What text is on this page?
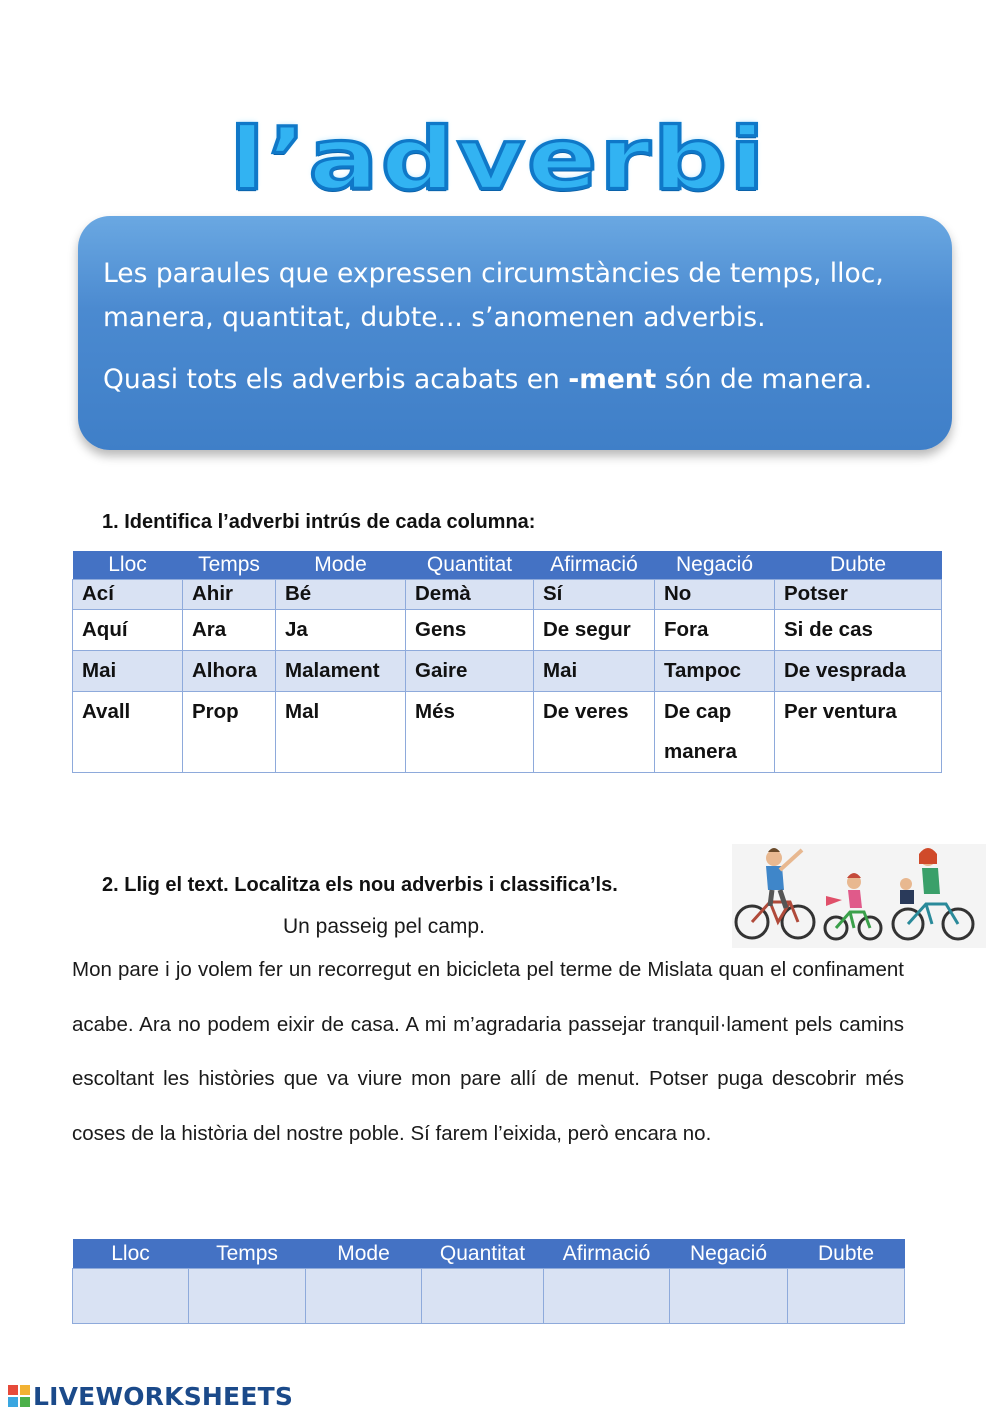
l’adverbi

Les paraules que expressen circumstàncies de temps, lloc,
manera, quantitat, dubte... s’anomenen adverbis.

Quasi tots els adverbis acabats en -ment són de manera.

1. Identifica l’adverbi intrús de cada columna:
Lloc	Temps	Mode	Quantitat	Afirmació	Negació	Dubte
Ací	Ahir	Bé	Demà	Sí	No	Potser
Aquí	Ara	Ja	Gens	De segur	Fora	Si de cas
Mai	Alhora	Malament	Gaire	Mai	Tampoc	De vesprada
Avall	Prop	Mal	Més	De veres	De cap manera	Per ventura
2. Llig el text. Localitza els nou adverbis i classifica’ls.
Un passeig pel camp.

Mon pare i jo volem fer un recorregut en bicicleta pel terme de Mislata quan el confinament acabe. Ara no podem eixir de casa. A mi m’agradaria passejar tranquil·lament pels camins escoltant les històries que va viure mon pare allí de menut. Potser puga descobrir més coses de la història del nostre poble. Sí farem l’eixida, però encara no.

Lloc	Temps	Mode	Quantitat	Afirmació	Negació	Dubte

LIVEWORKSHEETS
